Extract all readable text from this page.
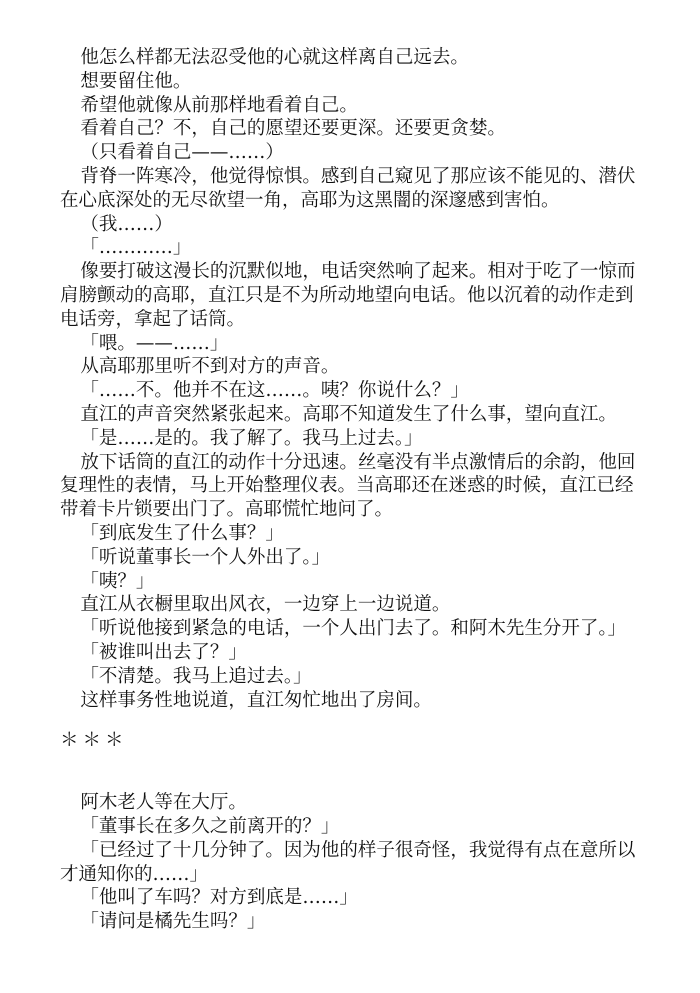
他怎么样都无法忍受他的心就这样离自己远去。

想要留住他。

希望他就像从前那样地看着自己。

看着自己？不，自己的愿望还要更深。还要更贪婪。

（只看着自己——……）

背脊一阵寒冷，他觉得惊惧。感到自己窥见了那应该不能见的、潜伏在心底深处的无尽欲望一角，高耶为这黑闇的深邃感到害怕。

（我……）

「…………」

像要打破这漫长的沉默似地，电话突然响了起来。相对于吃了一惊而肩膀颤动的高耶，直江只是不为所动地望向电话。他以沉着的动作走到电话旁，拿起了话筒。

「喂。——……」

从高耶那里听不到对方的声音。

「……不。他并不在这……。咦？你说什么？」

直江的声音突然紧张起来。高耶不知道发生了什么事，望向直江。

「是……是的。我了解了。我马上过去。」

放下话筒的直江的动作十分迅速。丝毫没有半点激情后的余韵，他回复理性的表情，马上开始整理仪表。当高耶还在迷惑的时候，直江已经带着卡片锁要出门了。高耶慌忙地问了。

「到底发生了什么事？」

「听说董事长一个人外出了。」

「咦？」

直江从衣橱里取出风衣，一边穿上一边说道。

「听说他接到紧急的电话，一个人出门去了。和阿木先生分开了。」

「被谁叫出去了？」

「不清楚。我马上追过去。」

这样事务性地说道，直江匆忙地出了房间。

＊＊＊

阿木老人等在大厅。

「董事长在多久之前离开的？」

「已经过了十几分钟了。因为他的样子很奇怪，我觉得有点在意所以才通知你的……」

「他叫了车吗？对方到底是……」

「请问是橘先生吗？」
